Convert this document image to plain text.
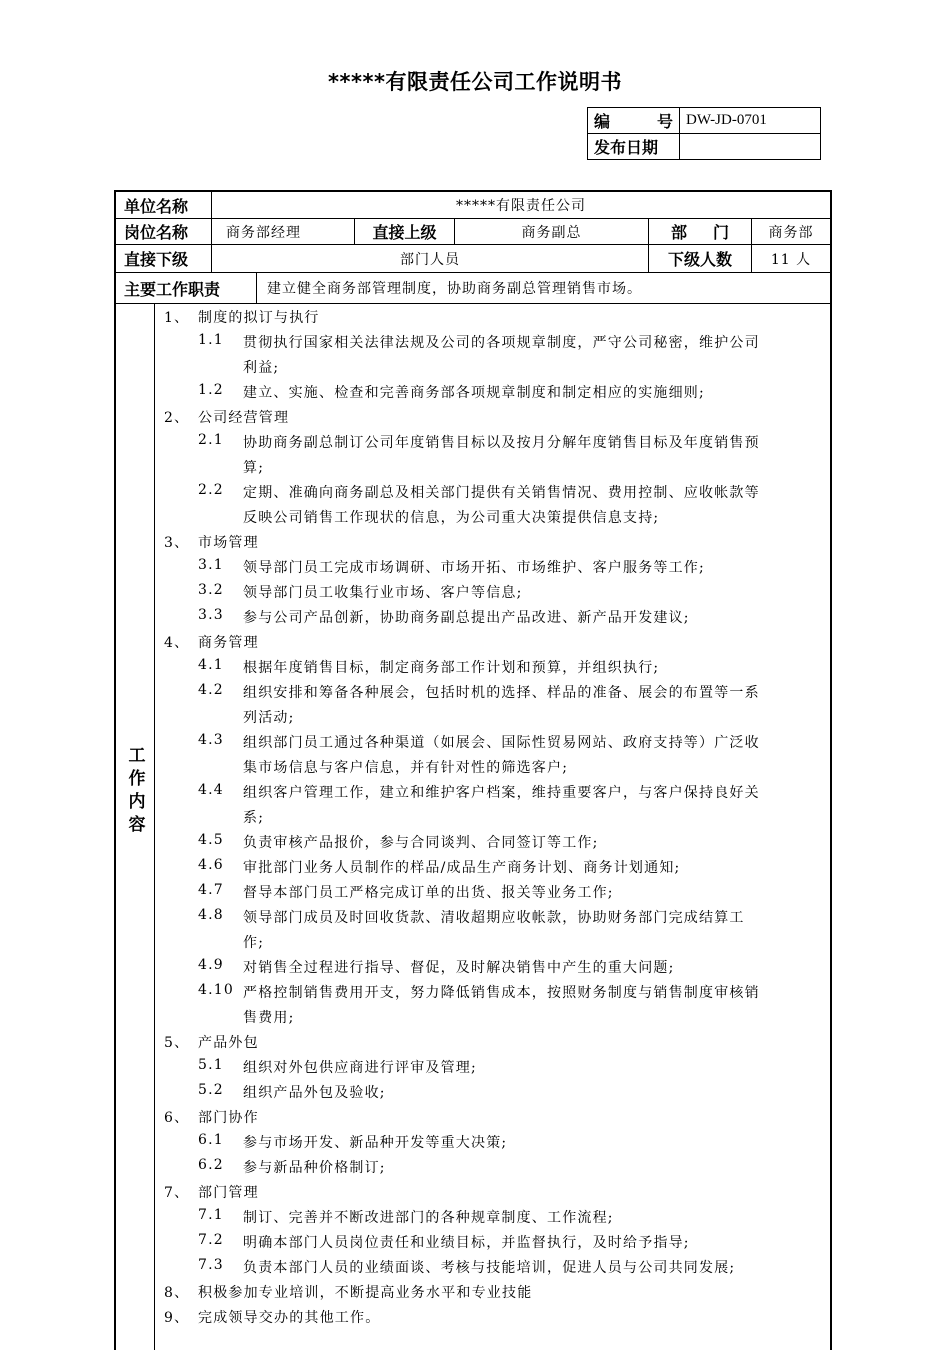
*****有限责任公司工作说明书
编 号	DW-JD-0701
发布日期	
单位名称	*****有限责任公司
岗位名称	商务部经理	直接上级	商务副总	部 门	商务部
直接下级	部门人员	下级人数	11 人
主要工作职责	建立健全商务部管理制度，协助商务副总管理销售市场。
工作内容
1、 制度的拟订与执行
1.1 贯彻执行国家相关法律法规及公司的各项规章制度，严守公司秘密，维护公司
利益;
1.2 建立、实施、检查和完善商务部各项规章制度和制定相应的实施细则;
2、 公司经营管理
2.1 协助商务副总制订公司年度销售目标以及按月分解年度销售目标及年度销售预
算;
2.2 定期、准确向商务副总及相关部门提供有关销售情况、费用控制、应收帐款等
反映公司销售工作现状的信息，为公司重大决策提供信息支持;
3、 市场管理
3.1 领导部门员工完成市场调研、市场开拓、市场维护、客户服务等工作;
3.2 领导部门员工收集行业市场、客户等信息;
3.3 参与公司产品创新，协助商务副总提出产品改进、新产品开发建议;
4、 商务管理
4.1 根据年度销售目标，制定商务部工作计划和预算，并组织执行;
4.2 组织安排和筹备各种展会，包括时机的选择、样品的准备、展会的布置等一系
列活动;
4.3 组织部门员工通过各种渠道（如展会、国际性贸易网站、政府支持等）广泛收
集市场信息与客户信息，并有针对性的筛选客户;
4.4 组织客户管理工作，建立和维护客户档案，维持重要客户，与客户保持良好关
系;
4.5 负责审核产品报价，参与合同谈判、合同签订等工作;
4.6 审批部门业务人员制作的样品/成品生产商务计划、商务计划通知;
4.7 督导本部门员工严格完成订单的出货、报关等业务工作;
4.8 领导部门成员及时回收货款、清收超期应收帐款，协助财务部门完成结算工
作;
4.9 对销售全过程进行指导、督促，及时解决销售中产生的重大问题;
4.10 严格控制销售费用开支，努力降低销售成本，按照财务制度与销售制度审核销
售费用;
5、 产品外包
5.1 组织对外包供应商进行评审及管理;
5.2 组织产品外包及验收;
6、 部门协作
6.1 参与市场开发、新品种开发等重大决策;
6.2 参与新品种价格制订;
7、 部门管理
7.1 制订、完善并不断改进部门的各种规章制度、工作流程;
7.2 明确本部门人员岗位责任和业绩目标，并监督执行，及时给予指导;
7.3 负责本部门人员的业绩面谈、考核与技能培训，促进人员与公司共同发展;
8、 积极参加专业培训，不断提高业务水平和专业技能
9、 完成领导交办的其他工作。
